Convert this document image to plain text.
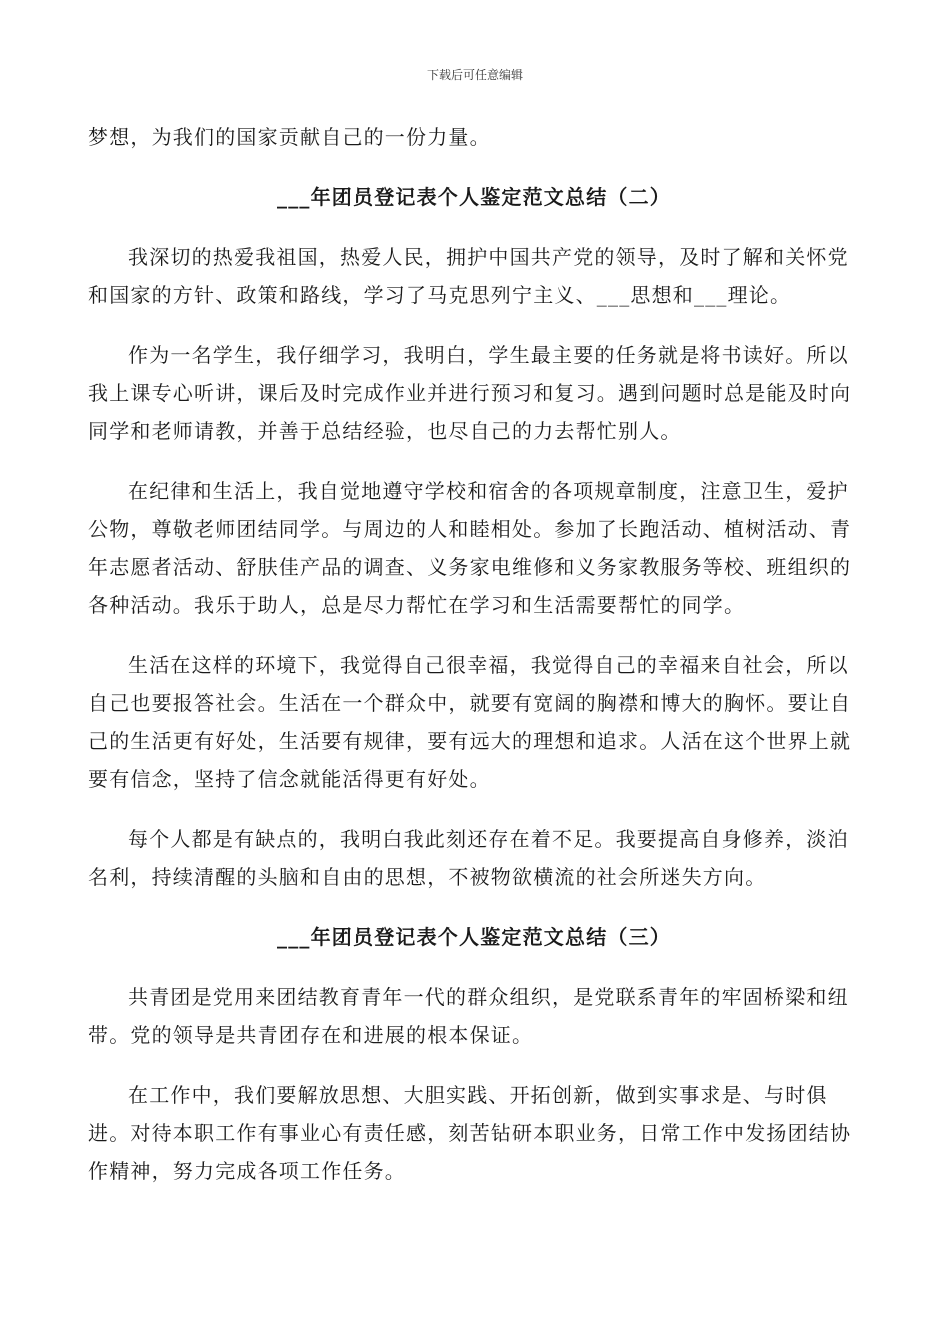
下载后可任意编辑

梦想，为我们的国家贡献自己的一份力量。

___年团员登记表个人鉴定范文总结（二）

我深切的热爱我祖国，热爱人民，拥护中国共产党的领导，及时了解和关怀党和国家的方针、政策和路线，学习了马克思列宁主义、___思想和___理论。

作为一名学生，我仔细学习，我明白，学生最主要的任务就是将书读好。所以我上课专心听讲，课后及时完成作业并进行预习和复习。遇到问题时总是能及时向同学和老师请教，并善于总结经验，也尽自己的力去帮忙别人。

在纪律和生活上，我自觉地遵守学校和宿舍的各项规章制度，注意卫生，爱护公物，尊敬老师团结同学。与周边的人和睦相处。参加了长跑活动、植树活动、青年志愿者活动、舒肤佳产品的调查、义务家电维修和义务家教服务等校、班组织的各种活动。我乐于助人，总是尽力帮忙在学习和生活需要帮忙的同学。

生活在这样的环境下，我觉得自己很幸福，我觉得自己的幸福来自社会，所以自己也要报答社会。生活在一个群众中，就要有宽阔的胸襟和博大的胸怀。要让自己的生活更有好处，生活要有规律，要有远大的理想和追求。人活在这个世界上就要有信念，坚持了信念就能活得更有好处。

每个人都是有缺点的，我明白我此刻还存在着不足。我要提高自身修养，淡泊名利，持续清醒的头脑和自由的思想，不被物欲横流的社会所迷失方向。

___年团员登记表个人鉴定范文总结（三）

共青团是党用来团结教育青年一代的群众组织，是党联系青年的牢固桥梁和纽带。党的领导是共青团存在和进展的根本保证。

在工作中，我们要解放思想、大胆实践、开拓创新，做到实事求是、与时俱进。对待本职工作有事业心有责任感，刻苦钻研本职业务，日常工作中发扬团结协作精神，努力完成各项工作任务。
